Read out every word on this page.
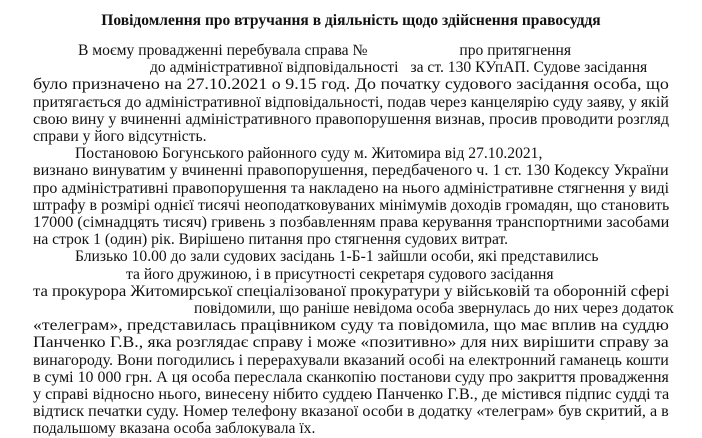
Повідомлення про втручання в діяльність щодо здійснення правосуддя
В моєму провадженні перебувала справа №	про притягнення
до адміністративної відповідальності за ст. 130 КУпАП. Судове засідання
було призначено на 27.10.2021 о 9.15 год. До початку судового засідання особа, що
притягається до адміністративної відповідальності, подав через канцелярію суду заяву, у якій
свою вину у вчиненні адміністративного правопорушення визнав, просив проводити розгляд
справи у його відсутність.
Постановою Богунського районного суду м. Житомира від 27.10.2021,
визнано винуватим у вчиненні правопорушення, передбаченого ч. 1 ст. 130 Кодексу України
про адміністративні правопорушення та накладено на нього адміністративне стягнення у виді
штрафу в розмірі однієї тисячі неоподатковуваних мінімумів доходів громадян, що становить
17000 (сімнадцять тисяч) гривень з позбавленням права керування транспортними засобами
на строк 1 (один) рік. Вирішено питання про стягнення судових витрат.
Близько 10.00 до зали судових засідань 1-Б-1 зайшли особи, які представились
та його дружиною, і в присутності секретаря судового засідання
та прокурора Житомирської спеціалізованої прокуратури у військовій та оборонній сфері
повідомили, що раніше невідома особа звернулась до них через додаток
«телеграм», представилась працівником суду та повідомила, що має вплив на суддю
Панченко Г.В., яка розглядає справу і може «позитивно» для них вирішити справу за
винагороду. Вони погодились і перерахували вказаний особі на електронний гаманець кошти
в сумі 10 000 грн. А ця особа переслала сканкопію постанови суду про закриття провадження
у справі відносно нього, винесену нібито суддею Панченко Г.В., де містився підпис судді та
відтиск печатки суду. Номер телефону вказаної особи в додатку «телеграм» був скритий, а в
подальшому вказана особа заблокувала їх.
